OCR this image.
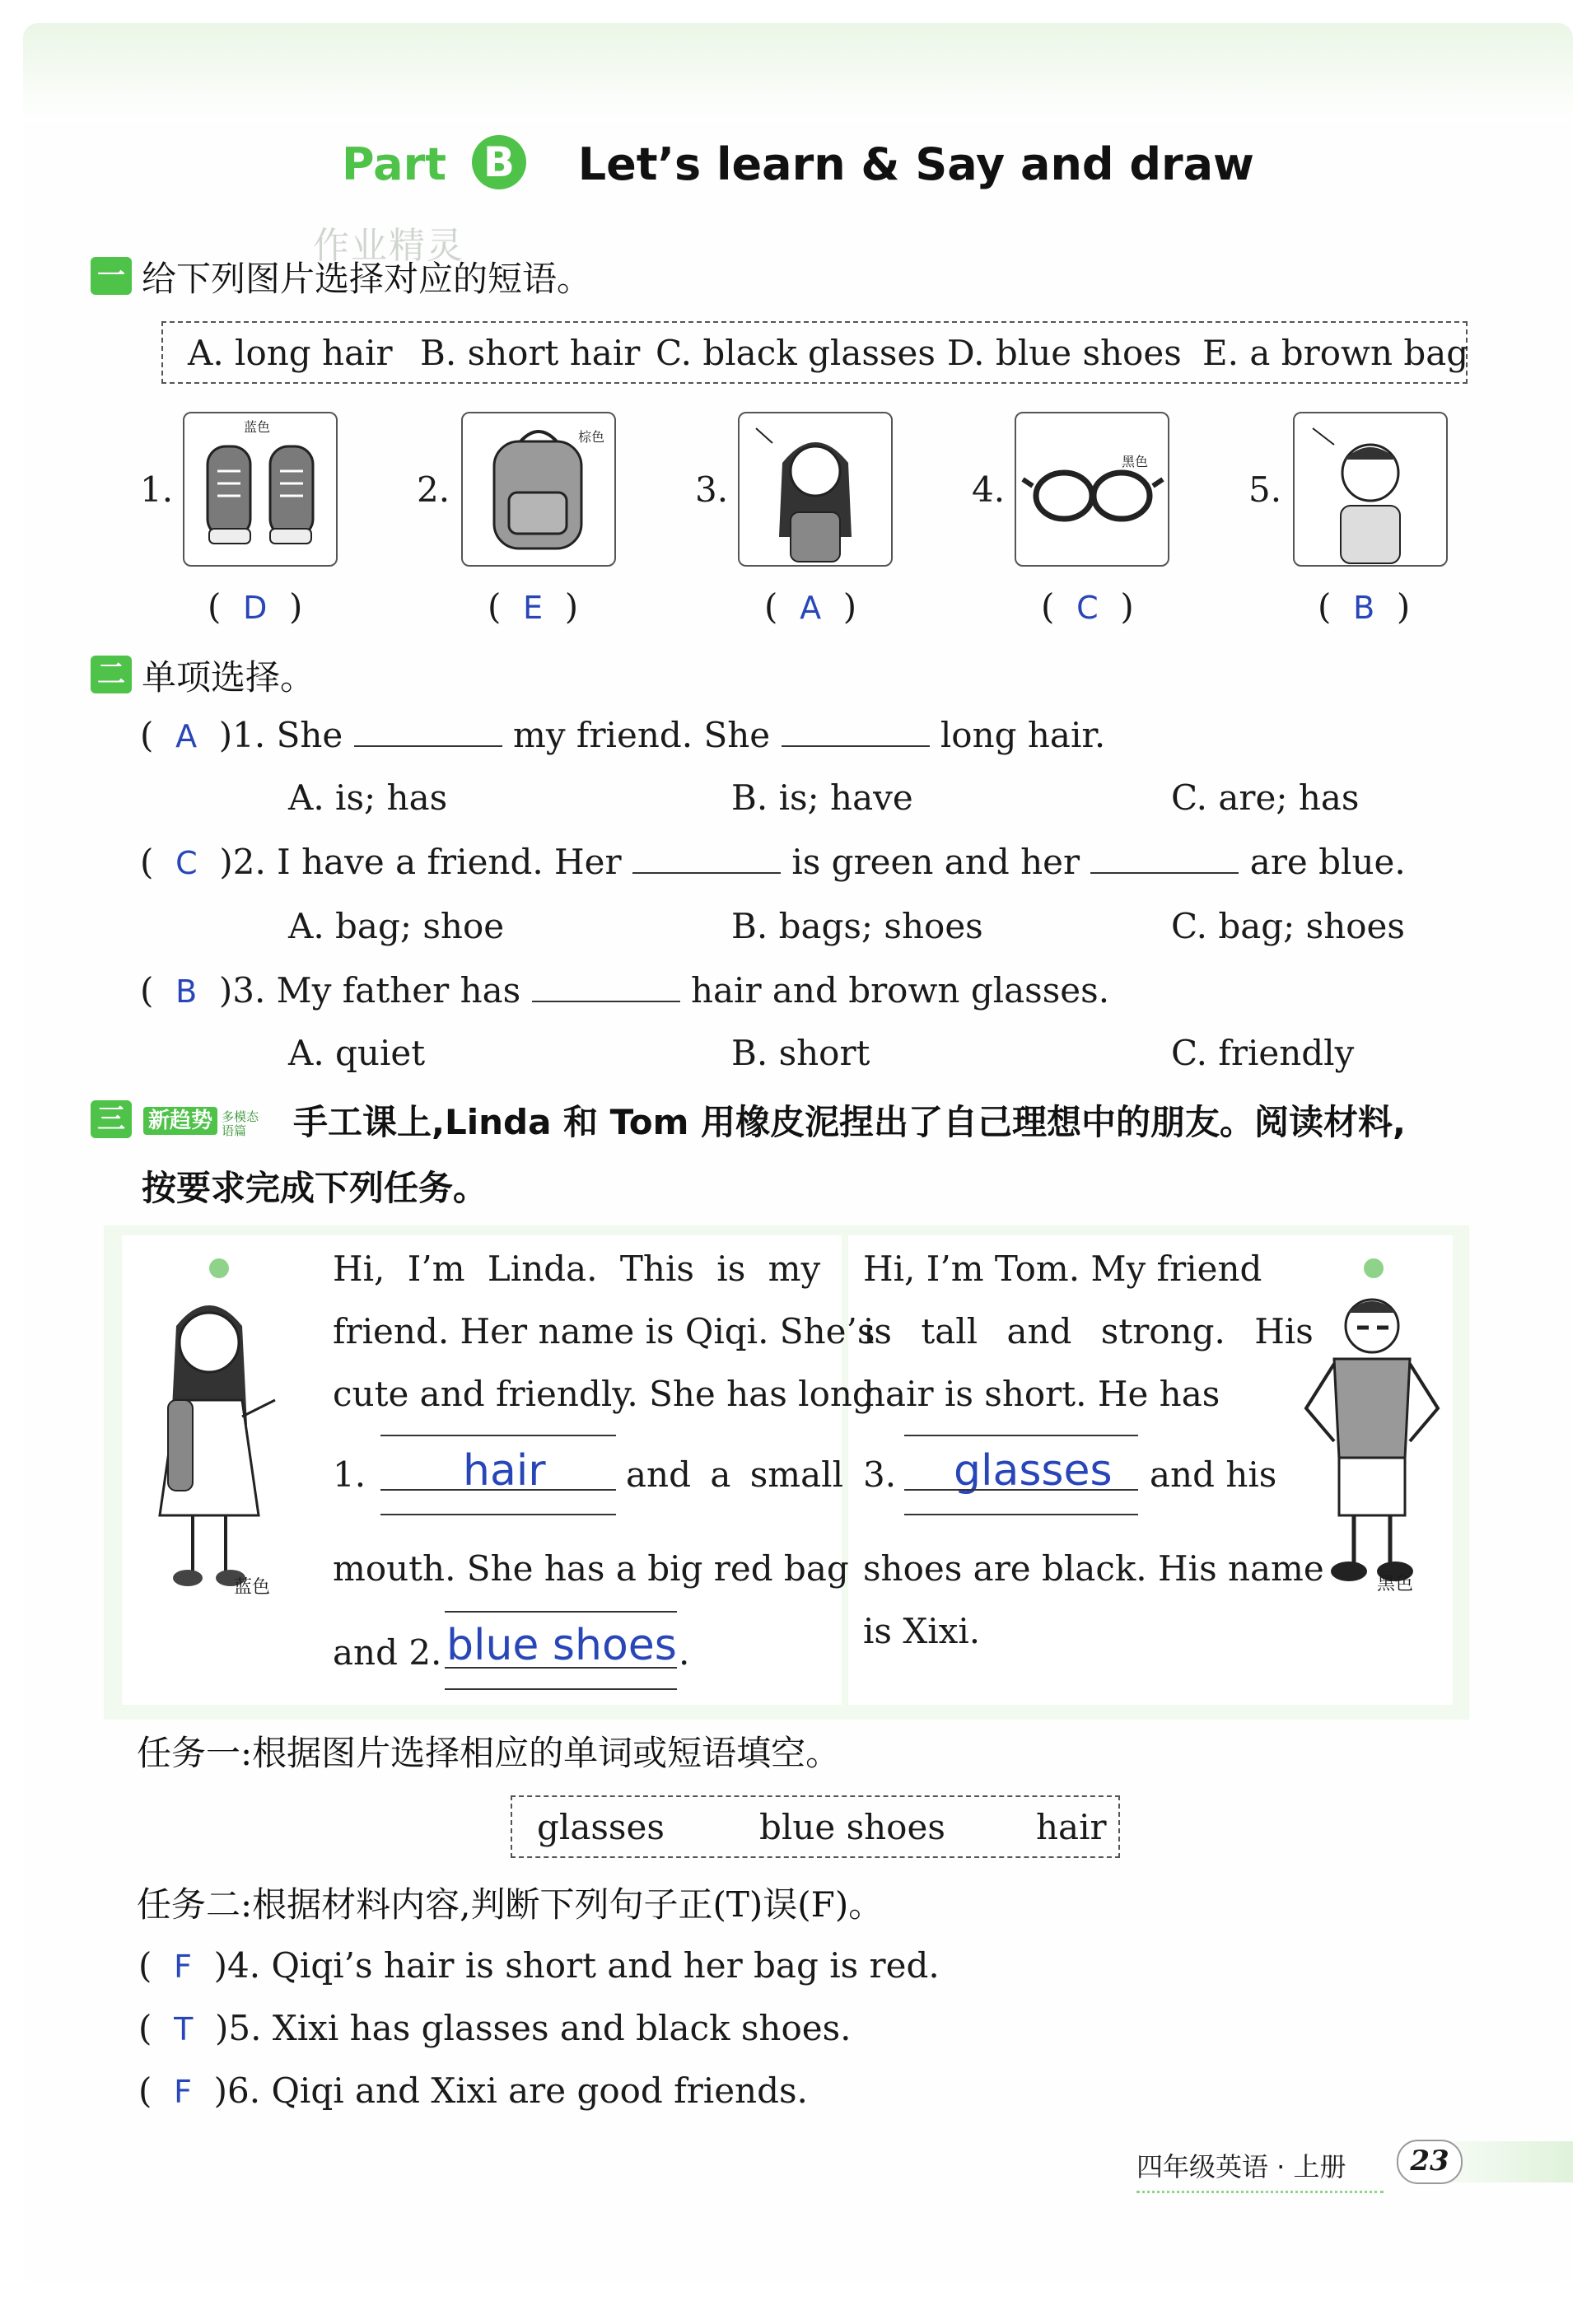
Part B Let’s learn & Say and draw
一 给下列图片选择对应的短语。
作业精灵
A. long hair B. short hair C. black glasses D. blue shoes E. a brown bag
1.
蓝色
(  D  )
2.
棕色
(  E  )
3.
(  A  )
4.
黑色
(  C  )
5.
(  B  )
二 单项选择。
(  A )1. She	my friend. She	long hair.
A. is; has	B. is; have	C. are; has
(  C )2. I have a friend. Her	is green and her	are blue.
A. bag; shoe	B. bags; shoes	C. bag; shoes
(  B )3. My father has	hair and brown glasses.
A. quiet	B. short	C. friendly
三	新趋势 多模态
语篇	手工课上,Linda 和 Tom 用橡皮泥捏出了自己理想中的朋友。阅读材料,
按要求完成下列任务。
蓝色
Hi, I’m Linda. This is my
friend. Her name is Qiqi. She’s
cute and friendly. She has long
1. hair and a small
mouth. She has a big red bag
and 2. blue shoes .
Hi, I’m Tom. My friend
is tall and strong. His
hair is short. He has
3. glasses and his
shoes are black. His name
is Xixi.
黑色
任务一:根据图片选择相应的单词或短语填空。
glasses	blue shoes	hair
任务二:根据材料内容,判断下列句子正(T)误(F)。
(  F )4. Qiqi’s hair is short and her bag is red.
(  T )5. Xixi has glasses and black shoes.
(  F )6. Qiqi and Xixi are good friends.
四年级英语 · 上册	23
